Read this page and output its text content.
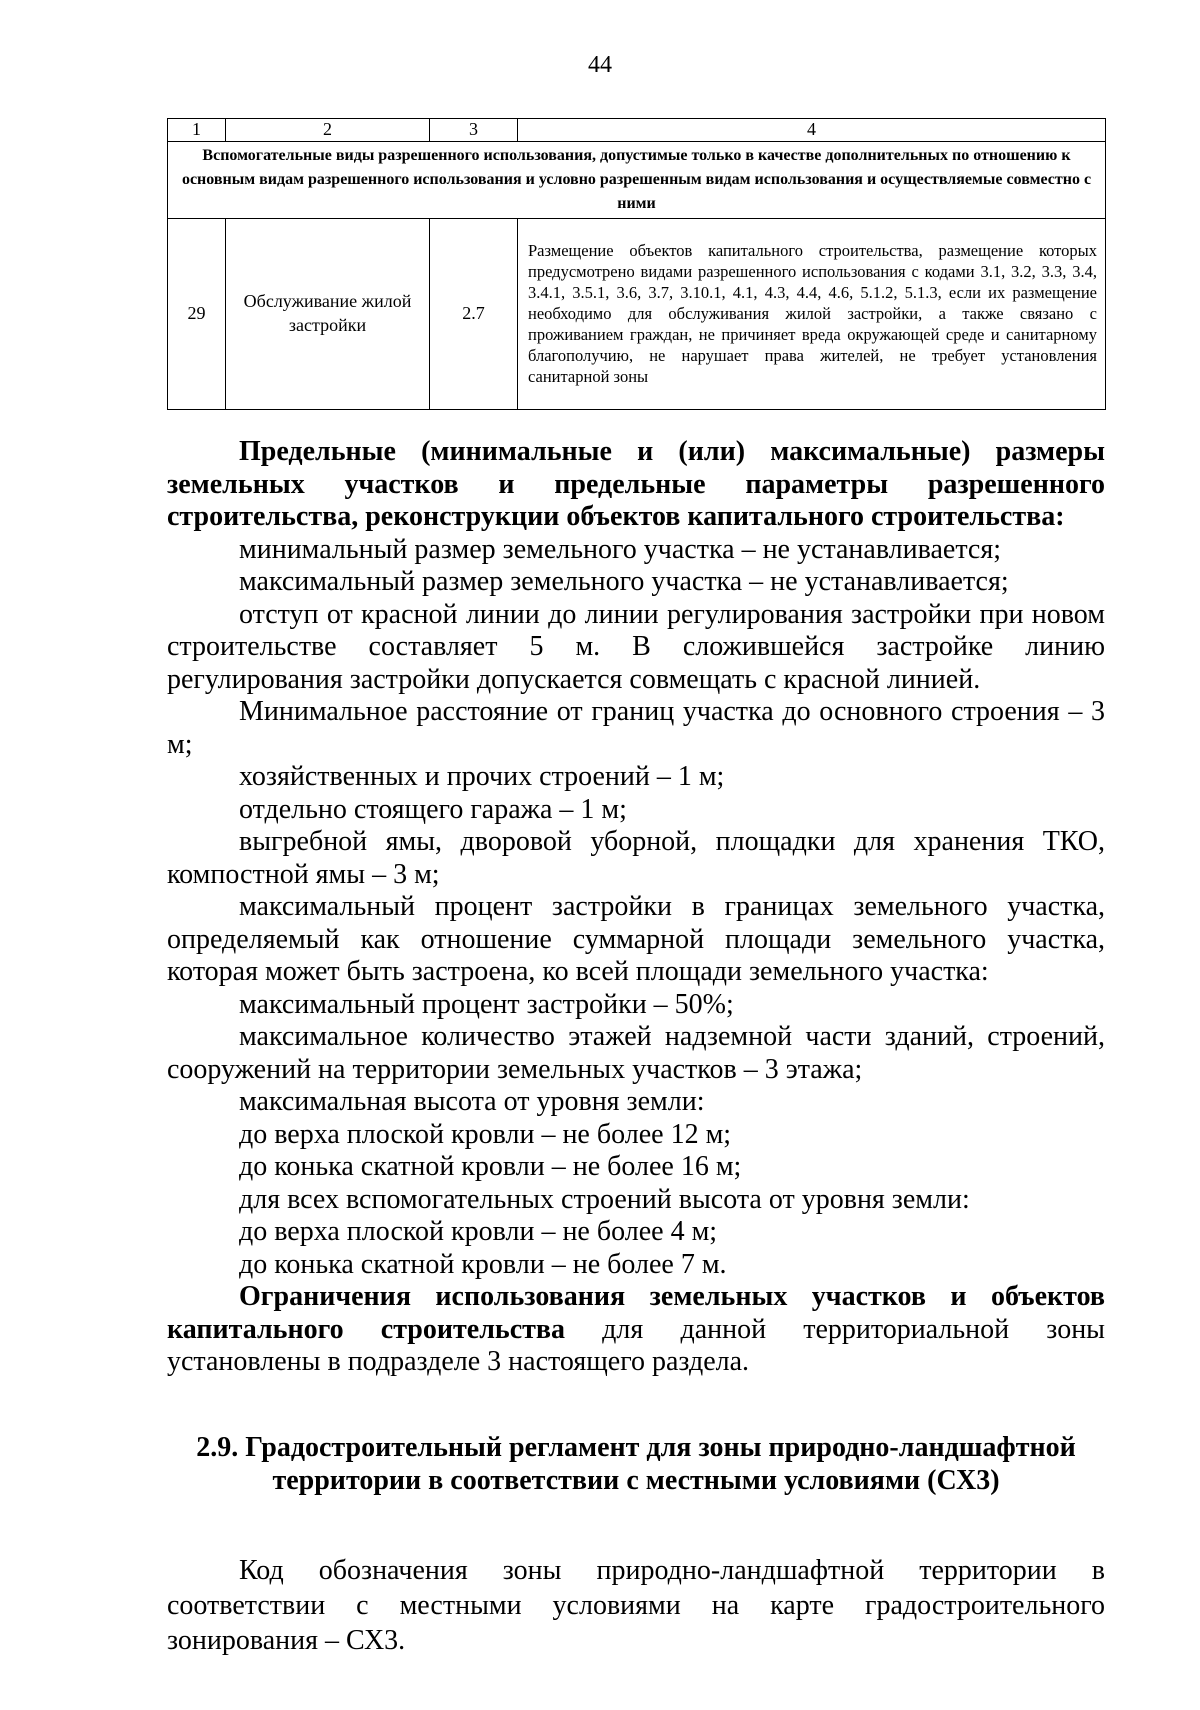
44
1	2	3	4
Вспомогательные виды разрешенного использования, допустимые только в качестве дополнительных по отношению к основным видам разрешенного использования и условно разрешенным видам использования и осуществляемые совместно с ними			
29	Обслуживание жилой застройки	2.7	Размещение объектов капитального строительства, размещение которых предусмотрено видами разрешенного использования с кодами 3.1, 3.2, 3.3, 3.4, 3.4.1, 3.5.1, 3.6, 3.7, 3.10.1, 4.1, 4.3, 4.4, 4.6, 5.1.2, 5.1.3, если их размещение необходимо для обслуживания жилой застройки, а также связано с проживанием граждан, не причиняет вреда окружающей среде и санитарному благополучию, не нарушает права жителей, не требует установления санитарной зоны

Предельные (минимальные и (или) максимальные) размеры земельных участков и предельные параметры разрешенного строительства, реконструкции объектов капитального строительства:

минимальный размер земельного участка – не устанавливается;

максимальный размер земельного участка – не устанавливается;

отступ от красной линии до линии регулирования застройки при новом строительстве составляет 5 м. В сложившейся застройке линию регулирования застройки допускается совмещать с красной линией.

Минимальное расстояние от границ участка до основного строения – 3 м;

хозяйственных и прочих строений – 1 м;

отдельно стоящего гаража – 1 м;

выгребной ямы, дворовой уборной, площадки для хранения ТКО, компостной ямы – 3 м;

максимальный процент застройки в границах земельного участка, определяемый как отношение суммарной площади земельного участка, которая может быть застроена, ко всей площади земельного участка:

максимальный процент застройки – 50%;

максимальное количество этажей надземной части зданий, строений, сооружений на территории земельных участков – 3 этажа;

максимальная высота от уровня земли:

до верха плоской кровли – не более 12 м;

до конька скатной кровли – не более 16 м;

для всех вспомогательных строений высота от уровня земли:

до верха плоской кровли – не более 4 м;

до конька скатной кровли – не более 7 м.

Ограничения использования земельных участков и объектов капитального строительства для данной территориальной зоны установлены в подразделе 3 настоящего раздела.

2.9. Градостроительный регламент для зоны природно-ландшафтной
территории в соответствии с местными условиями (СХ3)

Код обозначения зоны природно-ландшафтной территории в соответствии с местными условиями на карте градостроительного зонирования – СХ3.
